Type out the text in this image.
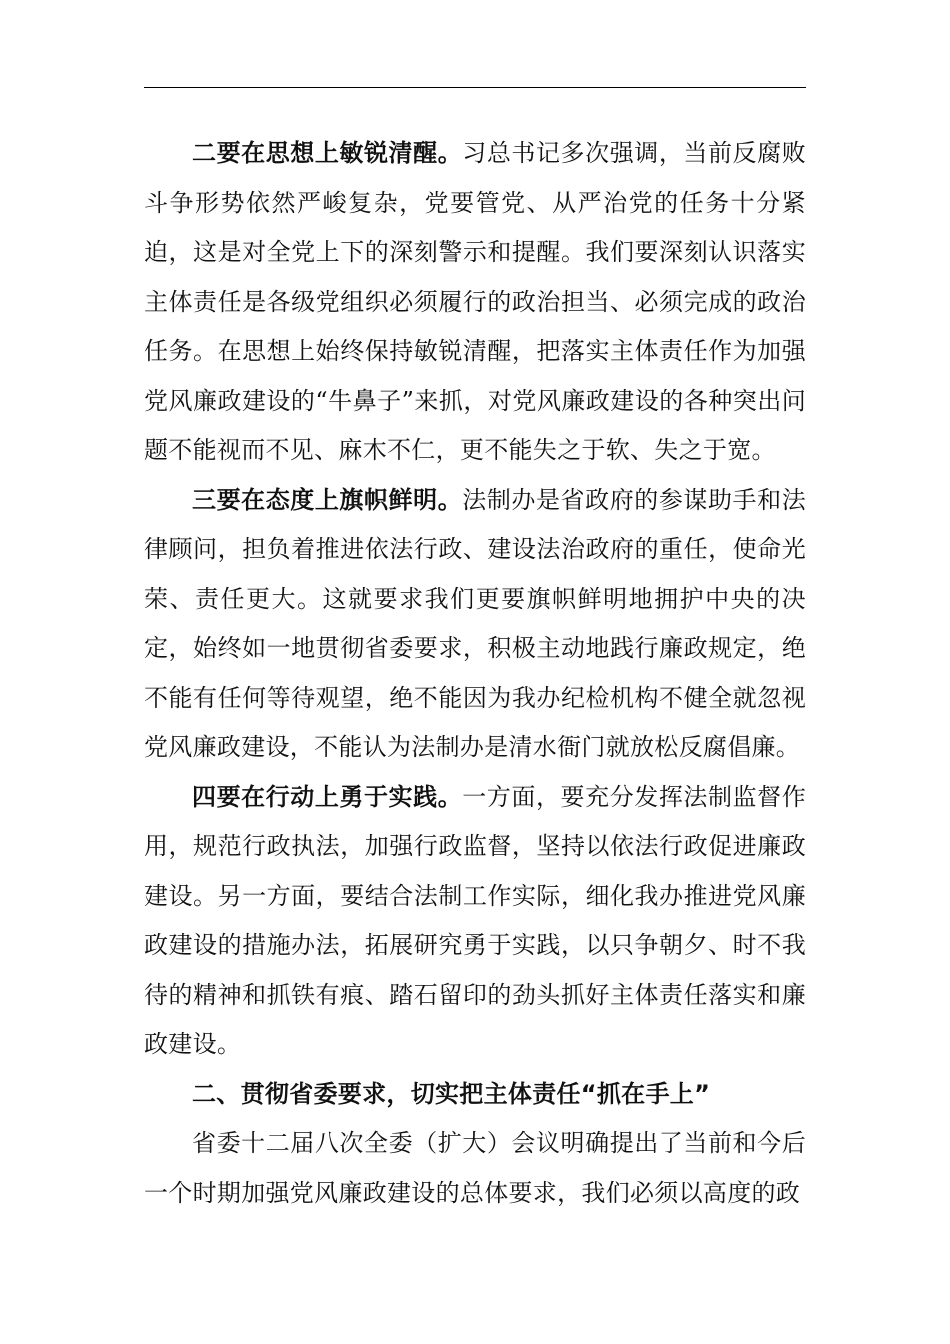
二要在思想上敏锐清醒。习总书记多次强调，当前反腐败斗争形势依然严峻复杂，党要管党、从严治党的任务十分紧迫，这是对全党上下的深刻警示和提醒。我们要深刻认识落实主体责任是各级党组织必须履行的政治担当、必须完成的政治任务。在思想上始终保持敏锐清醒，把落实主体责任作为加强党风廉政建设的“牛鼻子”来抓，对党风廉政建设的各种突出问题不能视而不见、麻木不仁，更不能失之于软、失之于宽。

三要在态度上旗帜鲜明。法制办是省政府的参谋助手和法律顾问，担负着推进依法行政、建设法治政府的重任，使命光荣、责任更大。这就要求我们更要旗帜鲜明地拥护中央的决定，始终如一地贯彻省委要求，积极主动地践行廉政规定，绝不能有任何等待观望，绝不能因为我办纪检机构不健全就忽视党风廉政建设，不能认为法制办是清水衙门就放松反腐倡廉。

四要在行动上勇于实践。一方面，要充分发挥法制监督作用，规范行政执法，加强行政监督，坚持以依法行政促进廉政建设。另一方面，要结合法制工作实际，细化我办推进党风廉政建设的措施办法，拓展研究勇于实践，以只争朝夕、时不我待的精神和抓铁有痕、踏石留印的劲头抓好主体责任落实和廉政建设。

二、贯彻省委要求，切实把主体责任“抓在手上”

省委十二届八次全委（扩大）会议明确提出了当前和今后一个时期加强党风廉政建设的总体要求，我们必须以高度的政
